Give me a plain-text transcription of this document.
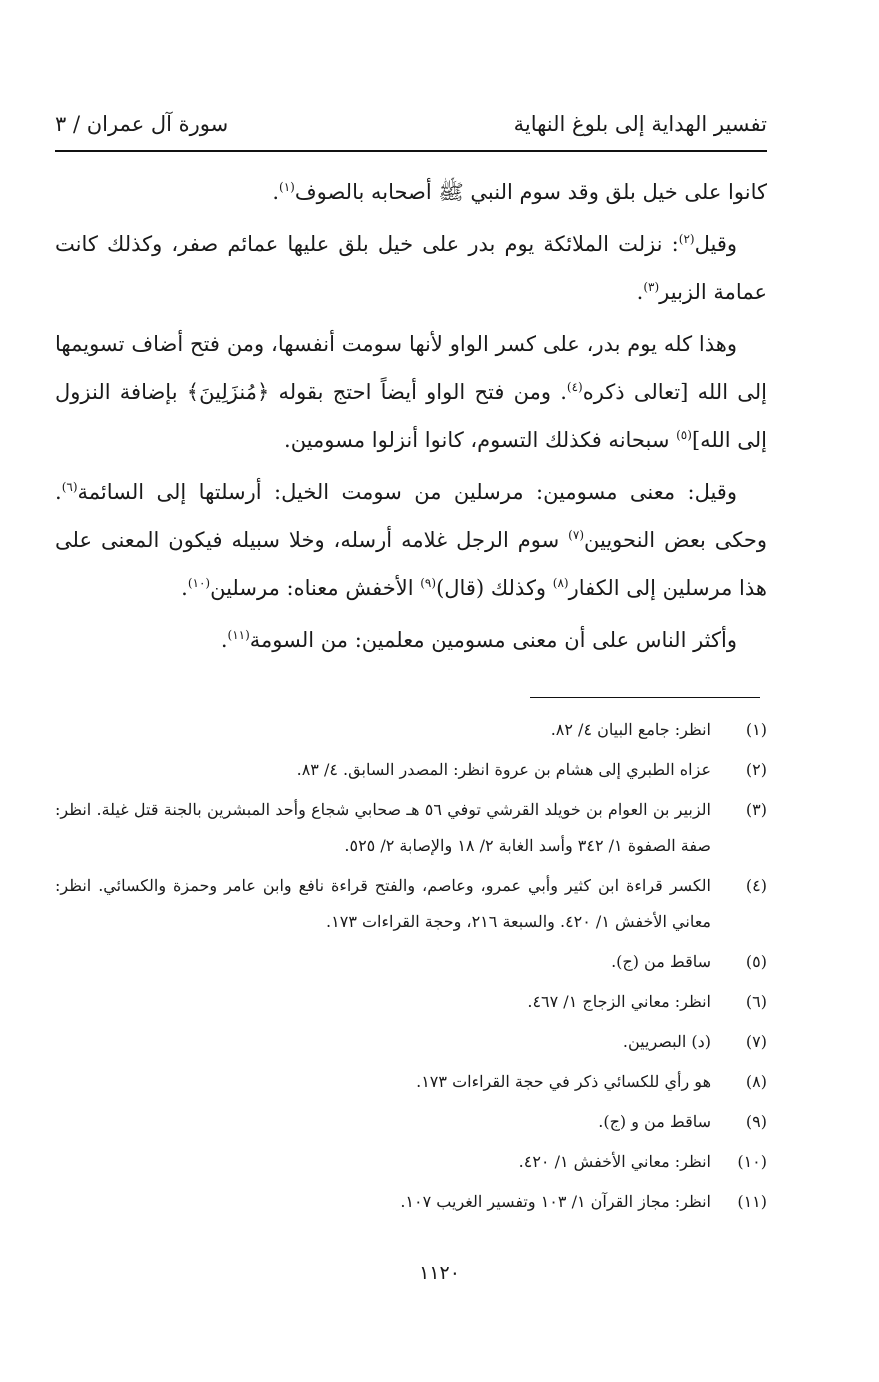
تفسير الهداية إلى بلوغ النهاية
سورة آل عمران / ٣

كانوا على خيل بلق وقد سوم النبي ﷺ أصحابه بالصوف$^{(١)}$.

وقيل$^{(٢)}$: نزلت الملائكة يوم بدر على خيل بلق عليها عمائم صفر، وكذلك كانت عمامة الزبير$^{(٣)}$.

وهذا كله يوم بدر، على كسر الواو لأنها سومت أنفسها، ومن فتح أضاف تسويمها إلى الله [تعالى ذكره$^{(٤)}$. ومن فتح الواو أيضاً احتج بقوله ﴿مُنزَلِينَ﴾ بإضافة النزول إلى الله]$^{(٥)}$ سبحانه فكذلك التسوم، كانوا أنزلوا مسومين.

وقيل: معنى مسومين: مرسلين من سومت الخيل: أرسلتها إلى السائمة$^{(٦)}$. وحكى بعض النحويين$^{(٧)}$ سوم الرجل غلامه أرسله، وخلا سبيله فيكون المعنى على هذا مرسلين إلى الكفار$^{(٨)}$ وكذلك (قال)$^{(٩)}$ الأخفش معناه: مرسلين$^{(١٠)}$.

وأكثر الناس على أن معنى مسومين معلمين: من السومة$^{(١١)}$.

(١)
انظر: جامع البيان ٤/ ٨٢.
(٢)
عزاه الطبري إلى هشام بن عروة انظر: المصدر السابق. ٤/ ٨٣.
(٣)
الزبير بن العوام بن خويلد القرشي توفي ٥٦ هـ صحابي شجاع وأحد المبشرين بالجنة قتل غيلة. انظر: صفة الصفوة ١/ ٣٤٢ وأسد الغابة ٢/ ١٨ والإصابة ٢/ ٥٢٥.
(٤)
الكسر قراءة ابن كثير وأبي عمرو، وعاصم، والفتح قراءة نافع وابن عامر وحمزة والكسائي. انظر: معاني الأخفش ١/ ٤٢٠. والسبعة ٢١٦، وحجة القراءات ١٧٣.
(٥)
ساقط من (ج).
(٦)
انظر: معاني الزجاج ١/ ٤٦٧.
(٧)
(د) البصريين.
(٨)
هو رأي للكسائي ذكر في حجة القراءات ١٧٣.
(٩)
ساقط من و (ج).
(١٠)
انظر: معاني الأخفش ١/ ٤٢٠.
(١١)
انظر: مجاز القرآن ١/ ١٠٣ وتفسير الغريب ١٠٧.
١١٢٠
